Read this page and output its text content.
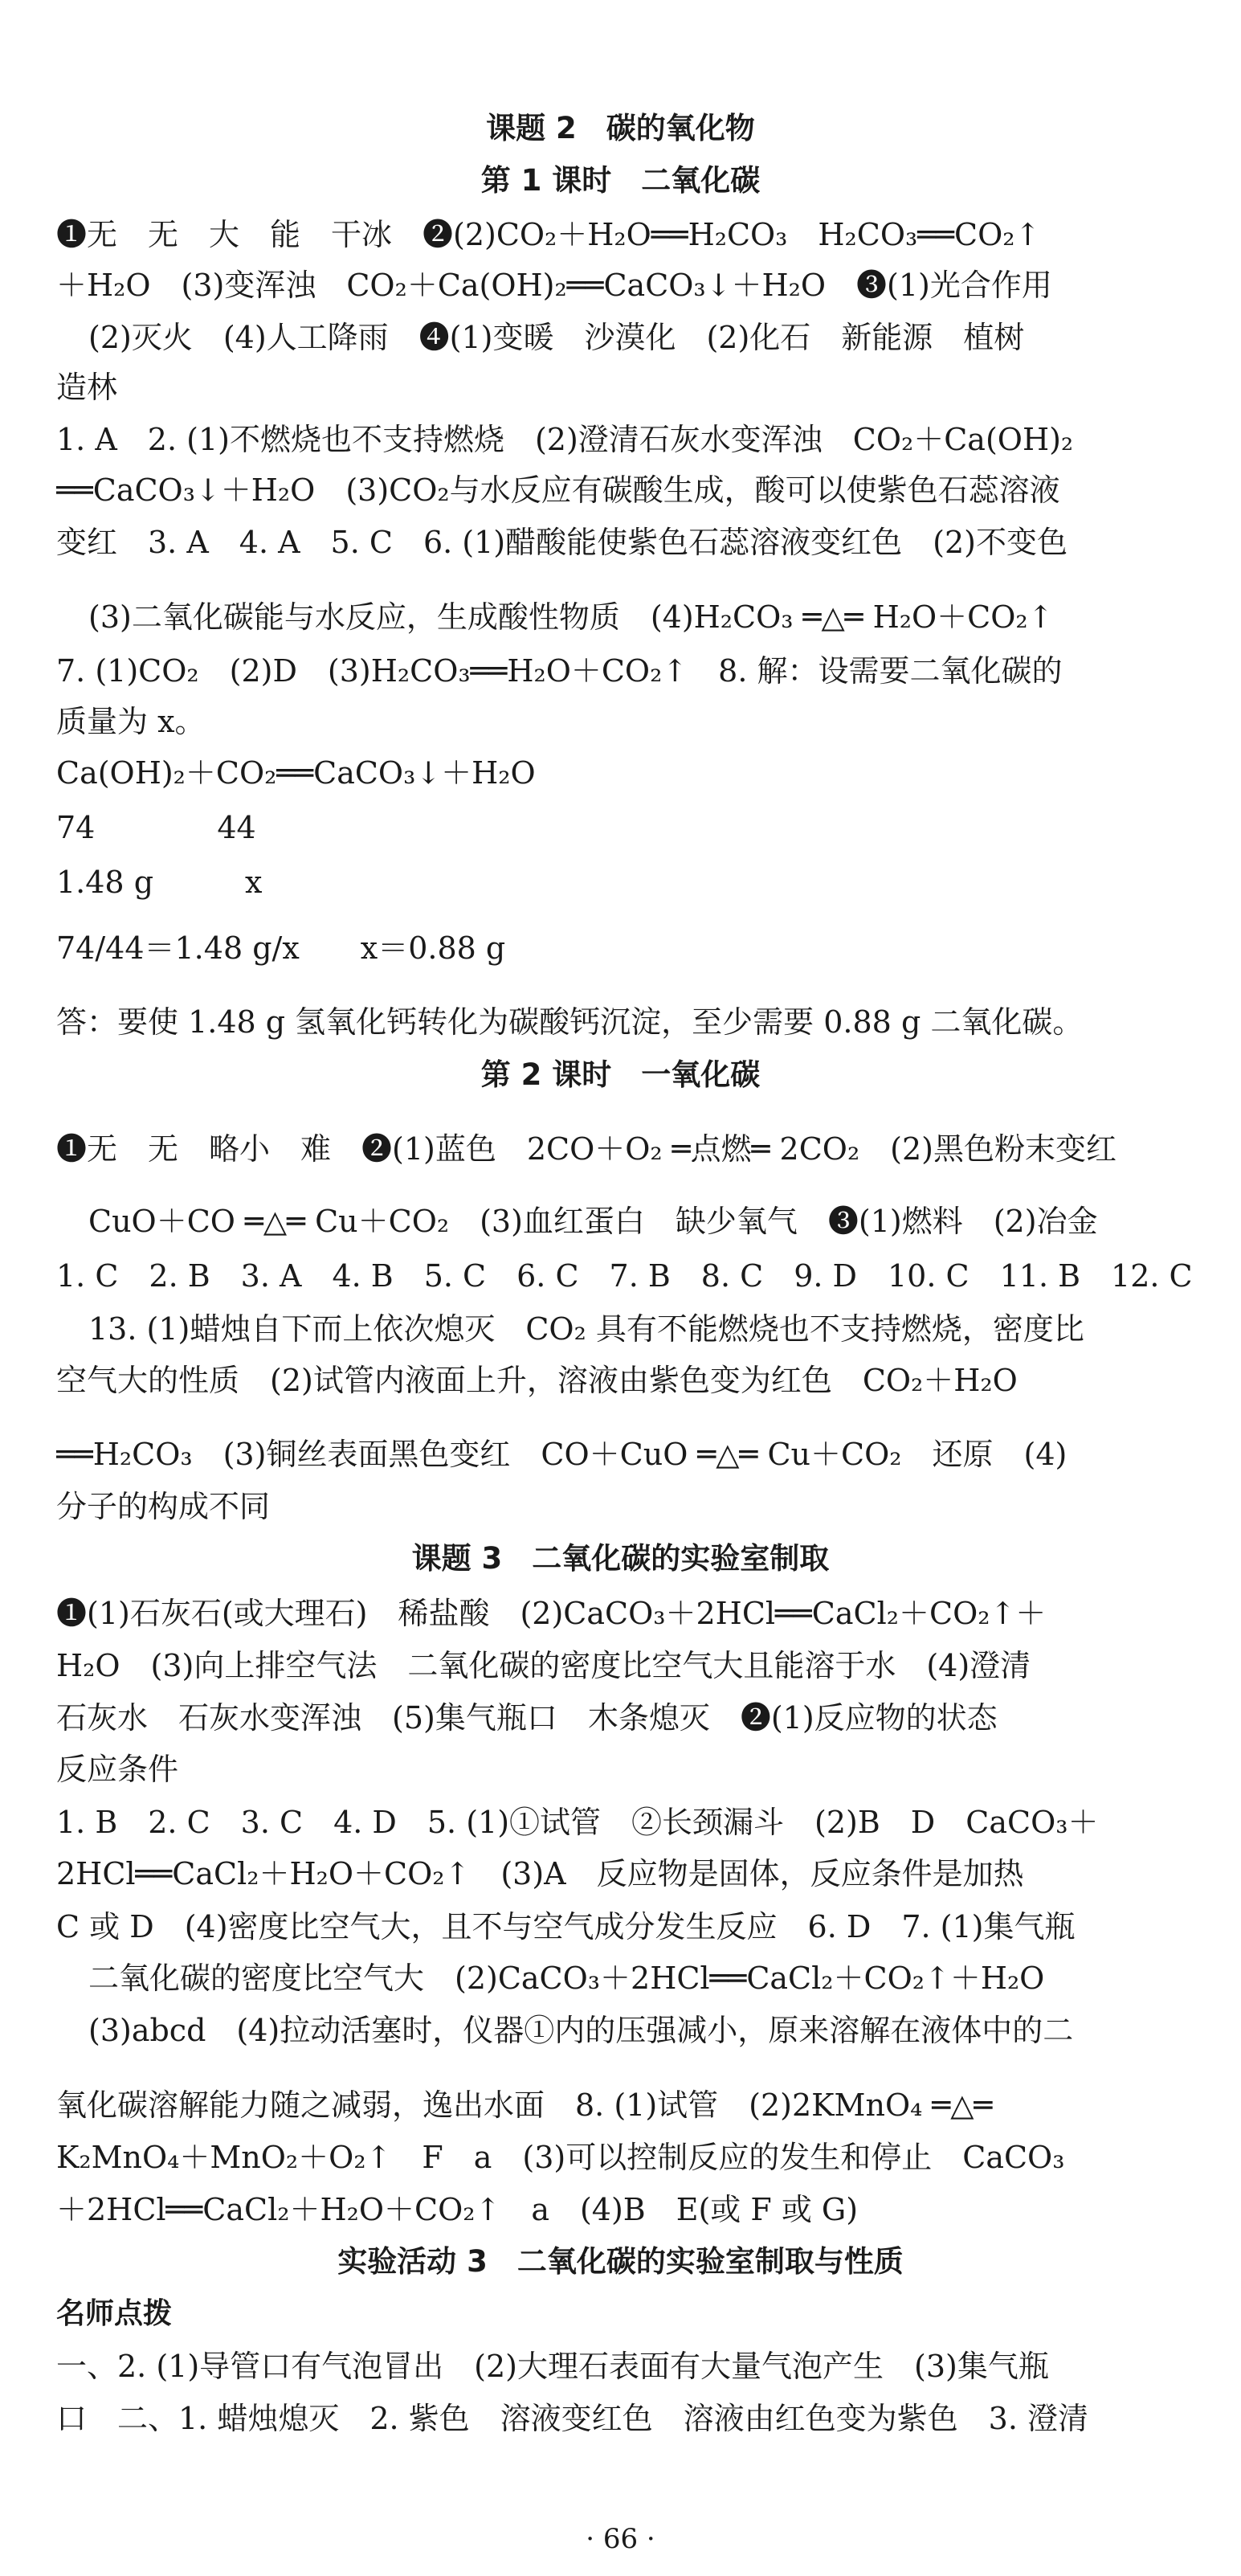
课题 2　碳的氧化物
第 1 课时　二氧化碳
❶无　无　大　能　干冰　❷(2)CO₂＋H₂O══H₂CO₃　H₂CO₃══CO₂↑
＋H₂O　(3)变浑浊　CO₂＋Ca(OH)₂══CaCO₃↓＋H₂O　❸(1)光合作用
(2)灭火　(4)人工降雨　❹(1)变暖　沙漠化　(2)化石　新能源　植树
造林
1. A　2. (1)不燃烧也不支持燃烧　(2)澄清石灰水变浑浊　CO₂＋Ca(OH)₂
══CaCO₃↓＋H₂O　(3)CO₂与水反应有碳酸生成，酸可以使紫色石蕊溶液
变红　3. A　4. A　5. C　6. (1)醋酸能使紫色石蕊溶液变红色　(2)不变色
(3)二氧化碳能与水反应，生成酸性物质　(4)H₂CO₃ ═△═ H₂O＋CO₂↑
7. (1)CO₂　(2)D　(3)H₂CO₃══H₂O＋CO₂↑　8. 解：设需要二氧化碳的
质量为 x。
Ca(OH)₂＋CO₂══CaCO₃↓＋H₂O
74　　　　44
1.48 g　　　x
74/44＝1.48 g/x　　x＝0.88 g
答：要使 1.48 g 氢氧化钙转化为碳酸钙沉淀，至少需要 0.88 g 二氧化碳。
第 2 课时　一氧化碳
❶无　无　略小　难　❷(1)蓝色　2CO＋O₂ ═点燃═ 2CO₂　(2)黑色粉末变红
CuO＋CO ═△═ Cu＋CO₂　(3)血红蛋白　缺少氧气　❸(1)燃料　(2)冶金
1. C　2. B　3. A　4. B　5. C　6. C　7. B　8. C　9. D　10. C　11. B　12. C
13. (1)蜡烛自下而上依次熄灭　CO₂ 具有不能燃烧也不支持燃烧，密度比
空气大的性质　(2)试管内液面上升，溶液由紫色变为红色　CO₂＋H₂O
══H₂CO₃　(3)铜丝表面黑色变红　CO＋CuO ═△═ Cu＋CO₂　还原　(4)
分子的构成不同
课题 3　二氧化碳的实验室制取
❶(1)石灰石(或大理石)　稀盐酸　(2)CaCO₃＋2HCl══CaCl₂＋CO₂↑＋
H₂O　(3)向上排空气法　二氧化碳的密度比空气大且能溶于水　(4)澄清
石灰水　石灰水变浑浊　(5)集气瓶口　木条熄灭　❷(1)反应物的状态
反应条件
1. B　2. C　3. C　4. D　5. (1)①试管　②长颈漏斗　(2)B　D　CaCO₃＋
2HCl══CaCl₂＋H₂O＋CO₂↑　(3)A　反应物是固体，反应条件是加热
C 或 D　(4)密度比空气大，且不与空气成分发生反应　6. D　7. (1)集气瓶
二氧化碳的密度比空气大　(2)CaCO₃＋2HCl══CaCl₂＋CO₂↑＋H₂O
(3)abcd　(4)拉动活塞时，仪器①内的压强减小，原来溶解在液体中的二
氧化碳溶解能力随之减弱，逸出水面　8. (1)试管　(2)2KMnO₄ ═△═
K₂MnO₄＋MnO₂＋O₂↑　F　a　(3)可以控制反应的发生和停止　CaCO₃
＋2HCl══CaCl₂＋H₂O＋CO₂↑　a　(4)B　E(或 F 或 G)
实验活动 3　二氧化碳的实验室制取与性质
名师点拨
一、2. (1)导管口有气泡冒出　(2)大理石表面有大量气泡产生　(3)集气瓶
口　二、1. 蜡烛熄灭　2. 紫色　溶液变红色　溶液由红色变为紫色　3. 澄清
· 66 ·
